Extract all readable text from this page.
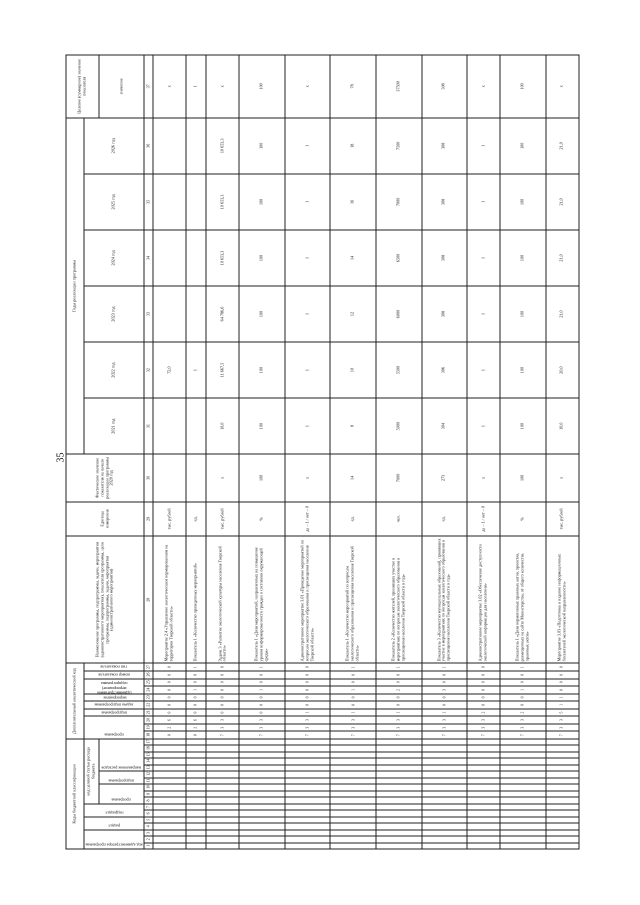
35
Коды бюджетной классификации																	Дополнительный аналитический код										Наименование программы, подпрограммы, задачи, мероприятия (административного мероприятия), показателя программы, цели программы, подпрограммы, задачи, мероприятия (административного мероприятия)	Единица измерения	Фактическое значение показателя на начало реализации программы 2020 год	Годы реализации программы						Целевое (суммарное) значение показателя

код администратора программы			раздел		подраздел		код целевой статьи расхода бюджета										программа			подпрограмма	задача подпрограммы	мероприятие (административное мероприятие) подпрограммы			номер показателя	тип показателя				2021 год	2022 год	2023 год	2024 год	2025 год	2026 год	

							программа			подпрограмма		направление расходов																								значение
1	2	3	4	5	6	7	8	9	10	11	12	13	14	15	16	17	18	19	20	21	22	23	24	25	26	27	28	29	30	31	32	33	34	35	36	37
																	0	2	6	0	0	0	0	0	0	0	Мероприятие 2.4 «Управление экологическим нормированием на территории Тверской области»	тыс. рублей			72,0					x
																	0	2	6	0	0	0	1	0	0	1	Показатель 1 «Количество проведенных мероприятий»	ед.			1					1
																	7	3	3	0	0	0	0	0	0	0	Задача 3 «Развитие экологической культуры населения Тверской области»	тыс. рублей	x	10,0	11 667,5	64 786,6	10 653,3	10 653,3	10 653,3	x
																	7	3	3	0	0	0	1	0	0	1	Показатель 1 «Доля мероприятий, направленных на повышение уровня информированности граждан о состоянии окружающей среды»	%	100	100	100	100	100	100	100	100
																	7	3	3	1	0	0	0	0	0	0	Административное мероприятие 3.01 «Проведение мероприятий по вопросам экологического образования и просвещения населения Тверской области»	да – 1 / нет – 0	x	1	1	1	1	1	1	x
																	7	3	3	1	0	0	1	0	0	1	Показатель 1 «Количество мероприятий по вопросам экологического образования и просвещения населения Тверской области»	ед.	14	8	10	12	14	16	18	78
																	7	3	3	1	0	0	2	0	0	1	Показатель 2 «Количество жителей, принявших участие в мероприятиях по вопросам экологического образования и просвещения населения Тверской области в год»	чел.	7000	5000	5500	6000	6500	7000	7500	37500
																	7	3	3	1	0	0	3	0	0	1	Показатель 3 «Количество муниципальных образований, принявших участие в мероприятиях по вопросам экологического образования и просвещения населения Тверской области в год»	ед.	273	304	306	308	308	308	308	308
																	7	3	3	2	0	0	0	0	0	0	Административное мероприятие 3.02 «Обеспечение доступности экологической информации для населения»	да – 1 / нет – 0	x	1	1	1	1	1	1	x
																	7	3	3	2	0	0	1	0	0	1	Показатель 1 «Доля нормативных правовых актов, проектов, размещенных на сайте Министерства, от общего количества правовых актов»	%	100	100	100	100	100	100	100	100
																	7	3	3	5	1	1	0	0	0	0	Мероприятие 3.03 «Подготовка и издание информационных бюллетеней экологической направленности»	тыс. рублей	x	10,0	20,0	21,0	21,0	21,0	21,0	x
